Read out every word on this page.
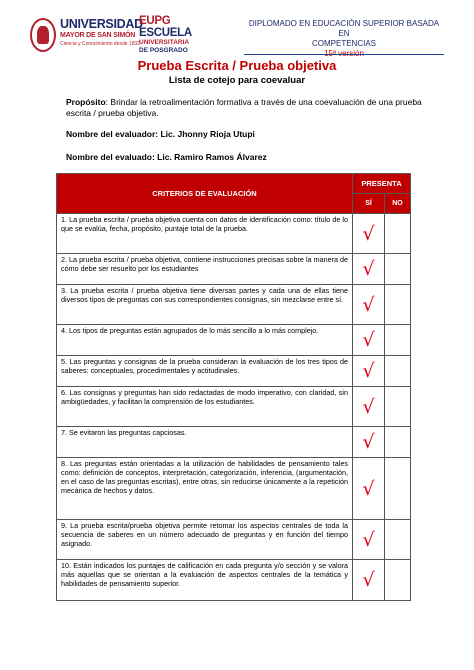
UNIVERSIDAD
EUPG
MAYOR DE SAN SIMÓN ESCUELA
Ciencia y Conocimiento desde 1832
UNIVERSITARIA
DE POSGRADO
DIPLOMADO EN EDUCACIÓN SUPERIOR BASADA EN
COMPETENCIAS
15ª versión
Prueba Escrita / Prueba objetiva
Lista de cotejo para coevaluar
Propósito: Brindar la retroalimentación formativa a través de una coevaluación de una prueba escrita / prueba objetiva.
Nombre del evaluador: Lic. Jhonny Rioja Utupi
Nombre del evaluado: Lic. Ramiro Ramos Álvarez
CRITERIOS DE EVALUACIÓN	PRESENTA	
	SÍ	NO
1. La prueba escrita / prueba objetiva cuenta con datos de identificación como: título de lo que se evalúa, fecha, propósito, puntaje total de la prueba.	√	
2. La prueba escrita / prueba objetiva, contiene instrucciones precisas sobre la manera de cómo debe ser resuelto por los estudiantes	√	
3. La prueba escrita / prueba objetiva tiene diversas partes y cada una de ellas tiene diversos tipos de preguntas con sus correspondientes consignas, sin mezclarse entre sí.	√	
4. Los tipos de preguntas están agrupados de lo más sencillo a lo más complejo.	√	
5. Las preguntas y consignas de la prueba consideran la evaluación de los tres tipos de saberes: conceptuales, procedimentales y actitudinales.	√	
6. Las consignas y preguntas han sido redactadas de modo imperativo, con claridad, sin ambigüedades, y facilitan la comprensión de los estudiantes.	√	
7. Se evitaron las preguntas capciosas.	√	
8. Las preguntas están orientadas a la utilización de habilidades de pensamiento tales como: definición de conceptos, interpretación, categorización, inferencia, (argumentación, en el caso de las preguntas escritas), entre otras, sin reducirse únicamente a la repetición mecánica de hechos y datos.	√	
9. La prueba escrita/prueba objetiva permite retomar los aspectos centrales de toda la secuencia de saberes en un número adecuado de preguntas y en función del tiempo asignado.	√	
10. Están indicados los puntajes de calificación en cada pregunta y/o sección y se valora más aquellas que se orientan a la evaluación de aspectos centrales de la temática y habilidades de pensamiento superior.	√	
